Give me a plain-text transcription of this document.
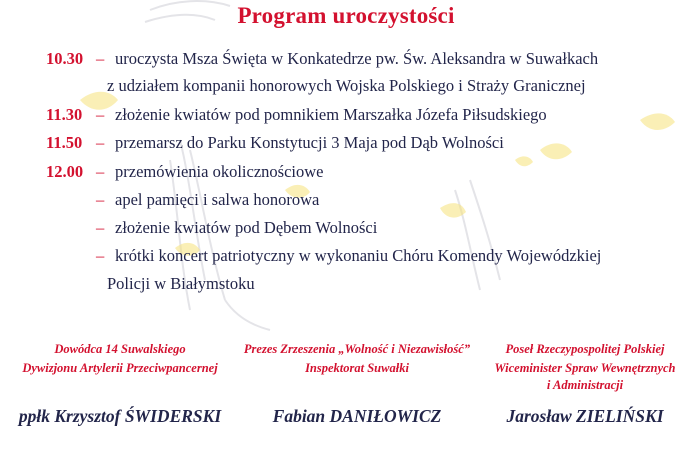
Program uroczystości
10.30 – uroczysta Msza Święta w Konkatedrze pw. Św. Aleksandra w Suwałkach
z udziałem kompanii honorowych Wojska Polskiego i Straży Granicznej
11.30 – złożenie kwiatów pod pomnikiem Marszałka Józefa Piłsudskiego
11.50 – przemarsz do Parku Konstytucji 3 Maja pod Dąb Wolności
12.00 – przemówienia okolicznościowe
– apel pamięci i salwa honorowa
– złożenie kwiatów pod Dębem Wolności
– krótki koncert patriotyczny w wykonaniu Chóru Komendy Wojewódzkiej
Policji w Białymstoku
Dowódca 14 Suwalskiego
Dywizjonu Artylerii Przeciwpancernej
Prezes Zrzeszenia „Wolność i Niezawisłość”
Inspektorat Suwałki
Poseł Rzeczypospolitej Polskiej
Wiceminister Spraw Wewnętrznych
i Administracji
ppłk Krzysztof ŚWIDERSKI	Fabian DANIŁOWICZ	Jarosław ZIELIŃSKI
